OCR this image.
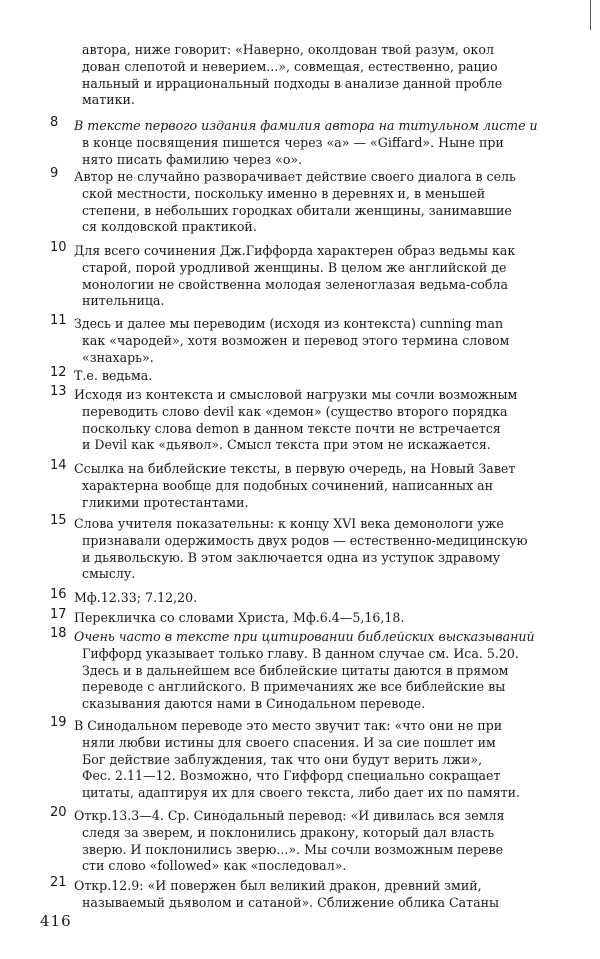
автора, ниже говорит: «Наверно, околдован твой разум, окол
дован слепотой и неверием...», совмещая, естественно, рацио
нальный и иррациональный подходы в анализе данной пробле
матики.
8	В тексте первого издания фамилия автора на титульном листе и
в конце посвящения пишется через «а» — «Giffard». Ныне при
нято писать фамилию через «о».
9	Автор не случайно разворачивает действие своего диалога в сель
ской местности, поскольку именно в деревнях и, в меньшей
степени, в небольших городках обитали женщины, занимавшие
ся колдовской практикой.
10 Для всего сочинения Дж.Гиффорда характерен образ ведьмы как
старой, порой уродливой женщины. В целом же английской де
монологии не свойственна молодая зеленоглазая ведьма-собла
нительница.
11 Здесь и далее мы переводим (исходя из контекста) cunning man
как «чародей», хотя возможен и перевод этого термина словом
«знахарь».
12 Т.е. ведьма.
13 Исходя из контекста и смысловой нагрузки мы сочли возможным
переводить слово devil как «демон» (существо второго порядка
поскольку слова demon в данном тексте почти не встречается
и Devil как «дьявол». Смысл текста при этом не искажается.
14 Ссылка на библейские тексты, в первую очередь, на Новый Завет
характерна вообще для подобных сочинений, написанных ан
гликими протестантами.
15 Слова учителя показательны: к концу XVI века демонологи уже
признавали одержимость двух родов — естественно-медицинскую
и дьявольскую. В этом заключается одна из уступок здравому
смыслу.
16 Мф.12.33; 7.12,20.
17 Перекличка со словами Христа, Мф.6.4—5,16,18.
18 Очень часто в тексте при цитировании библейских высказываний
Гиффорд указывает только главу. В данном случае см. Иса. 5.20.
Здесь и в дальнейшем все библейские цитаты даются в прямом
переводе с английского. В примечаниях же все библейские вы
сказывания даются нами в Синодальном переводе.
19 В Синодальном переводе это место звучит так: «что они не при
няли любви истины для своего спасения. И за сие пошлет им
Бог действие заблуждения, так что они будут верить лжи»,
Фес. 2.11—12. Возможно, что Гиффорд специально сокращает
цитаты, адаптируя их для своего текста, либо дает их по памяти.
20 Откр.13.3—4. Ср. Синодальный перевод: «И дивилась вся земля
следя за зверем, и поклонились дракону, который дал власть
зверю. И поклонились зверю...». Мы сочли возможным переве
сти слово «followed» как «последовал».
21 Откр.12.9: «И повержен был великий дракон, древний змий,
называемый дьяволом и сатаной». Сближение облика Сатаны
416
